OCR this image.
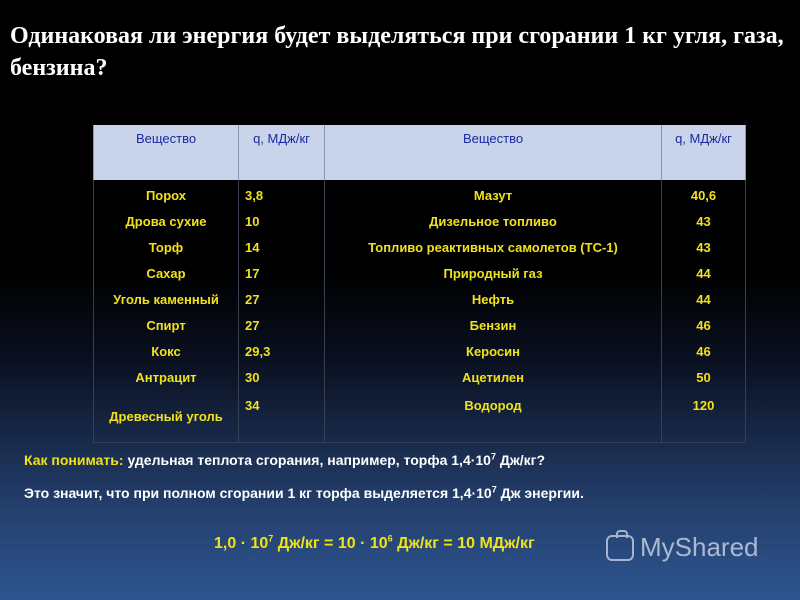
Одинаковая ли энергия будет выделяться при сгорании 1 кг угля, газа, бензина?
Вещество	q, МДж/кг	Вещество	q, МДж/кг
Порох	3,8	Мазут	40,6
Дрова сухие	10	Дизельное топливо	43
Торф	14	Топливо реактивных самолетов (ТС-1)	43
Сахар	17	Природный газ	44
Уголь каменный	27	Нефть	44
Спирт	27	Бензин	46
Кокс	29,3	Керосин	46
Антрацит	30	Ацетилен	50
Древесный уголь	34	Водород	120
Как понимать: удельная теплота сгорания, например, торфа $1,4\cdot 10^7$ Дж/кг?
Это значит, что при полном сгорании 1 кг торфа выделяется $1,4\cdot 10^7$ Дж энергии.
$1,0 \cdot 10^7$ $Дж/кг = 10 \cdot 10^6$ Дж/кг = 10 МДж/кг	MyShared
